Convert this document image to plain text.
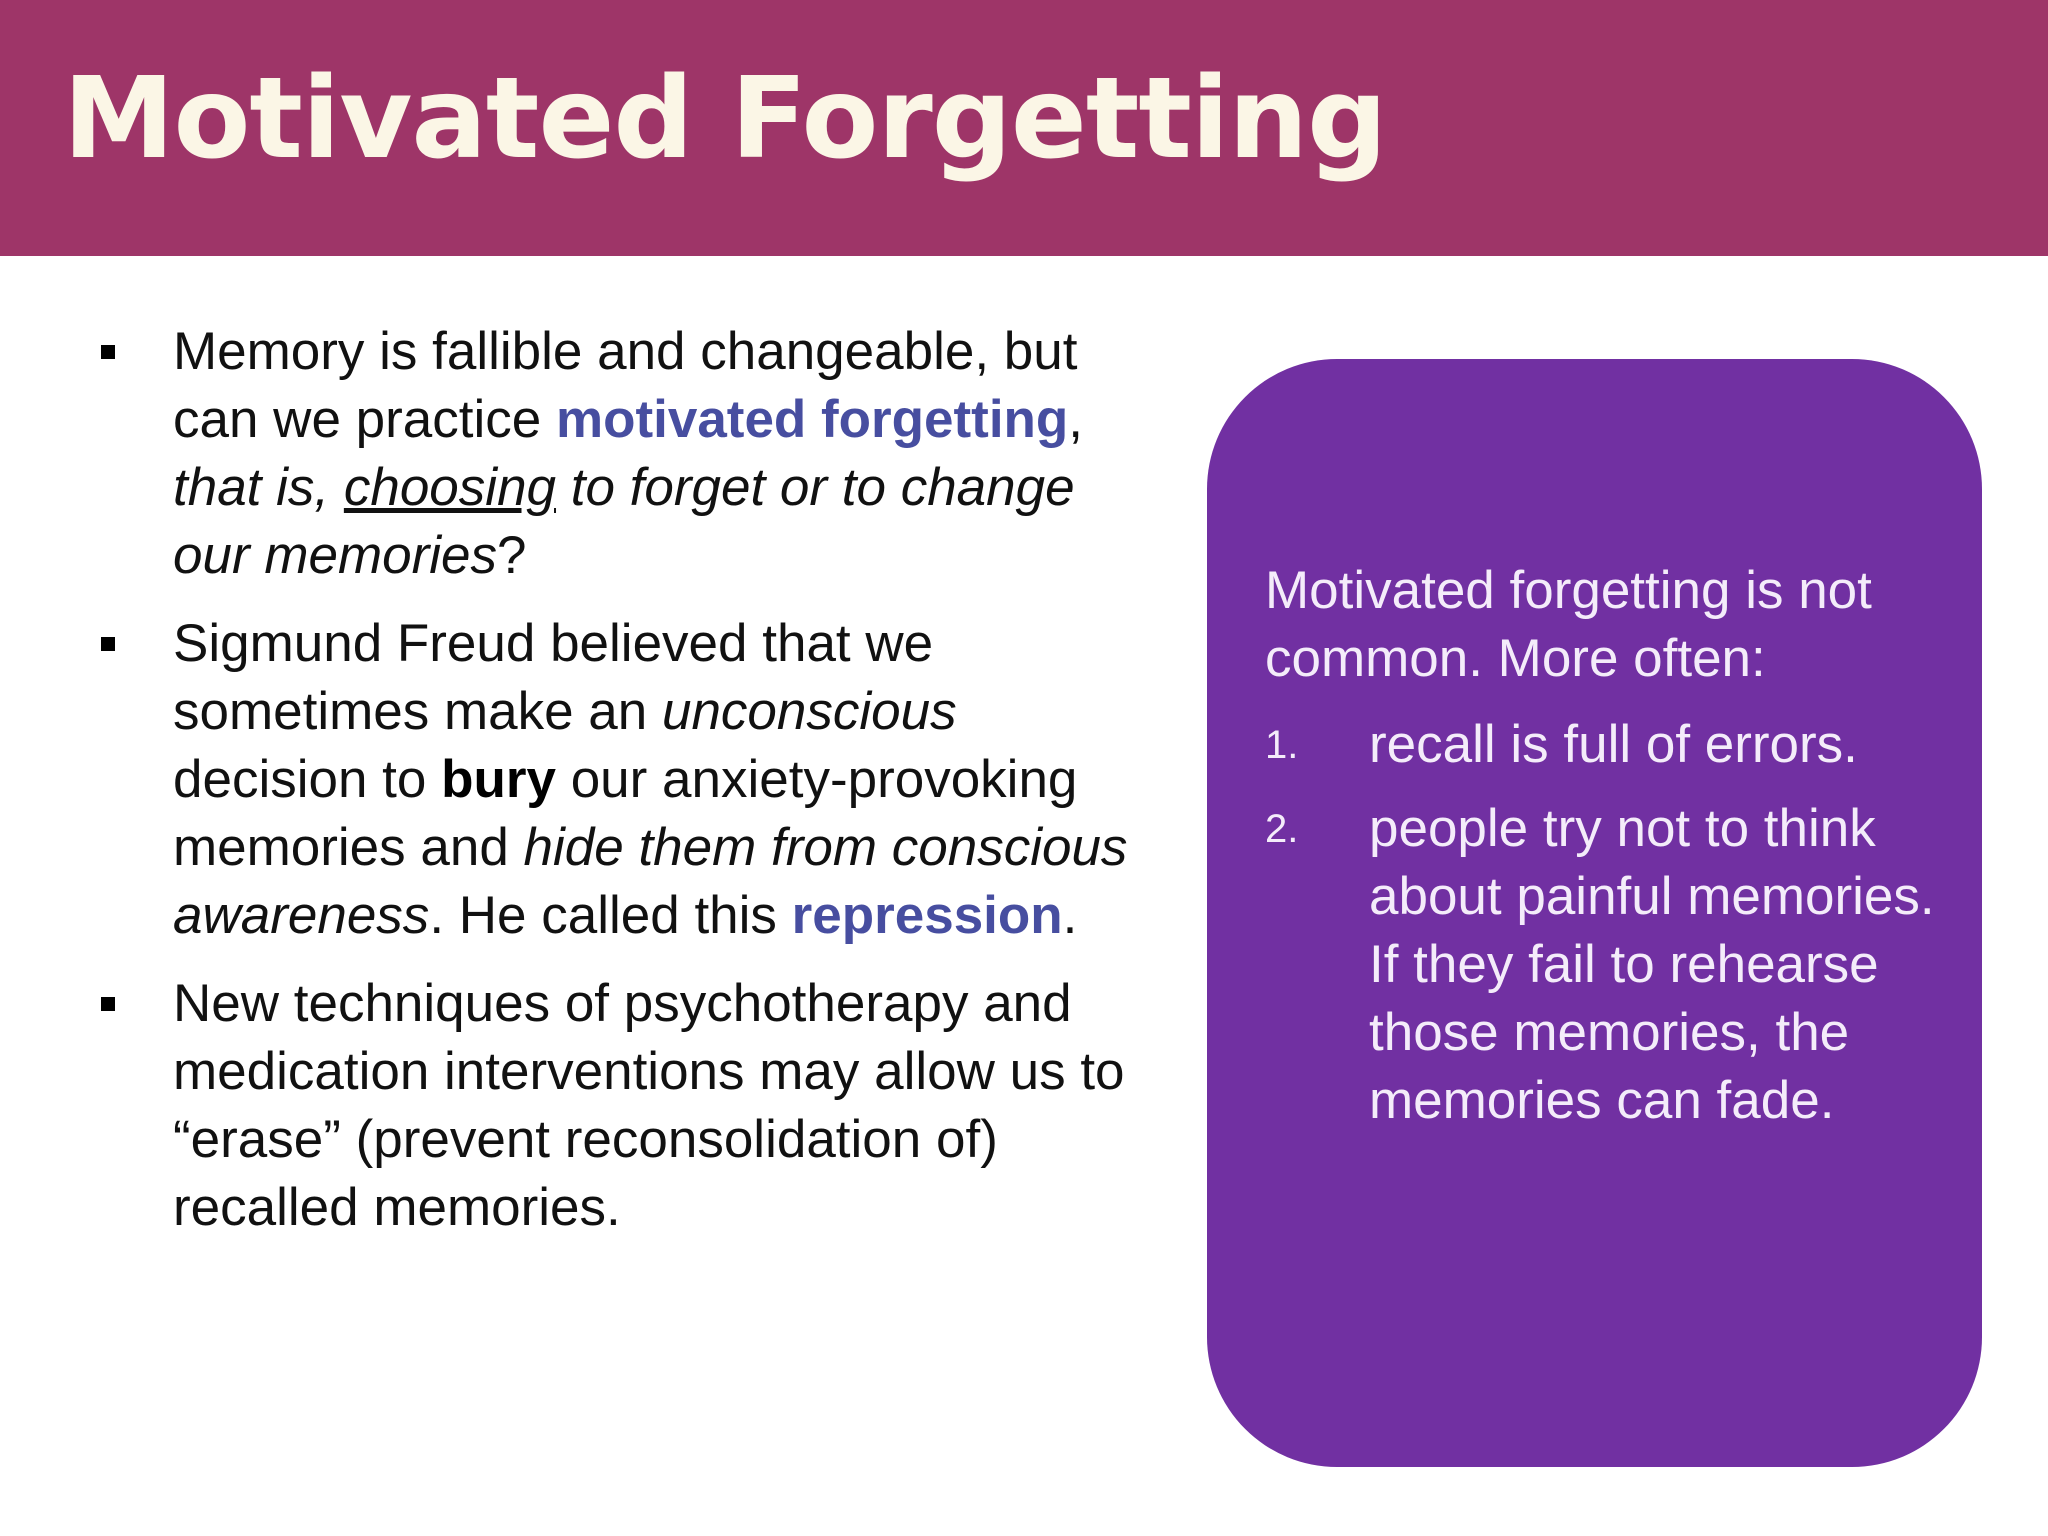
Motivated Forgetting
Memory is fallible and changeable, but can we practice motivated forgetting, that is, choosing to forget or to change our memories?
Sigmund Freud believed that we sometimes make an unconscious decision to bury our anxiety-provoking memories and hide them from conscious awareness. He called this repression.
New techniques of psychotherapy and medication interventions may allow us to “erase” (prevent reconsolidation of) recalled memories.

Motivated forgetting is not common. More often:

1. recall is full of errors.
2. people try not to think about painful memories. If they fail to rehearse those memories, the memories can fade.
